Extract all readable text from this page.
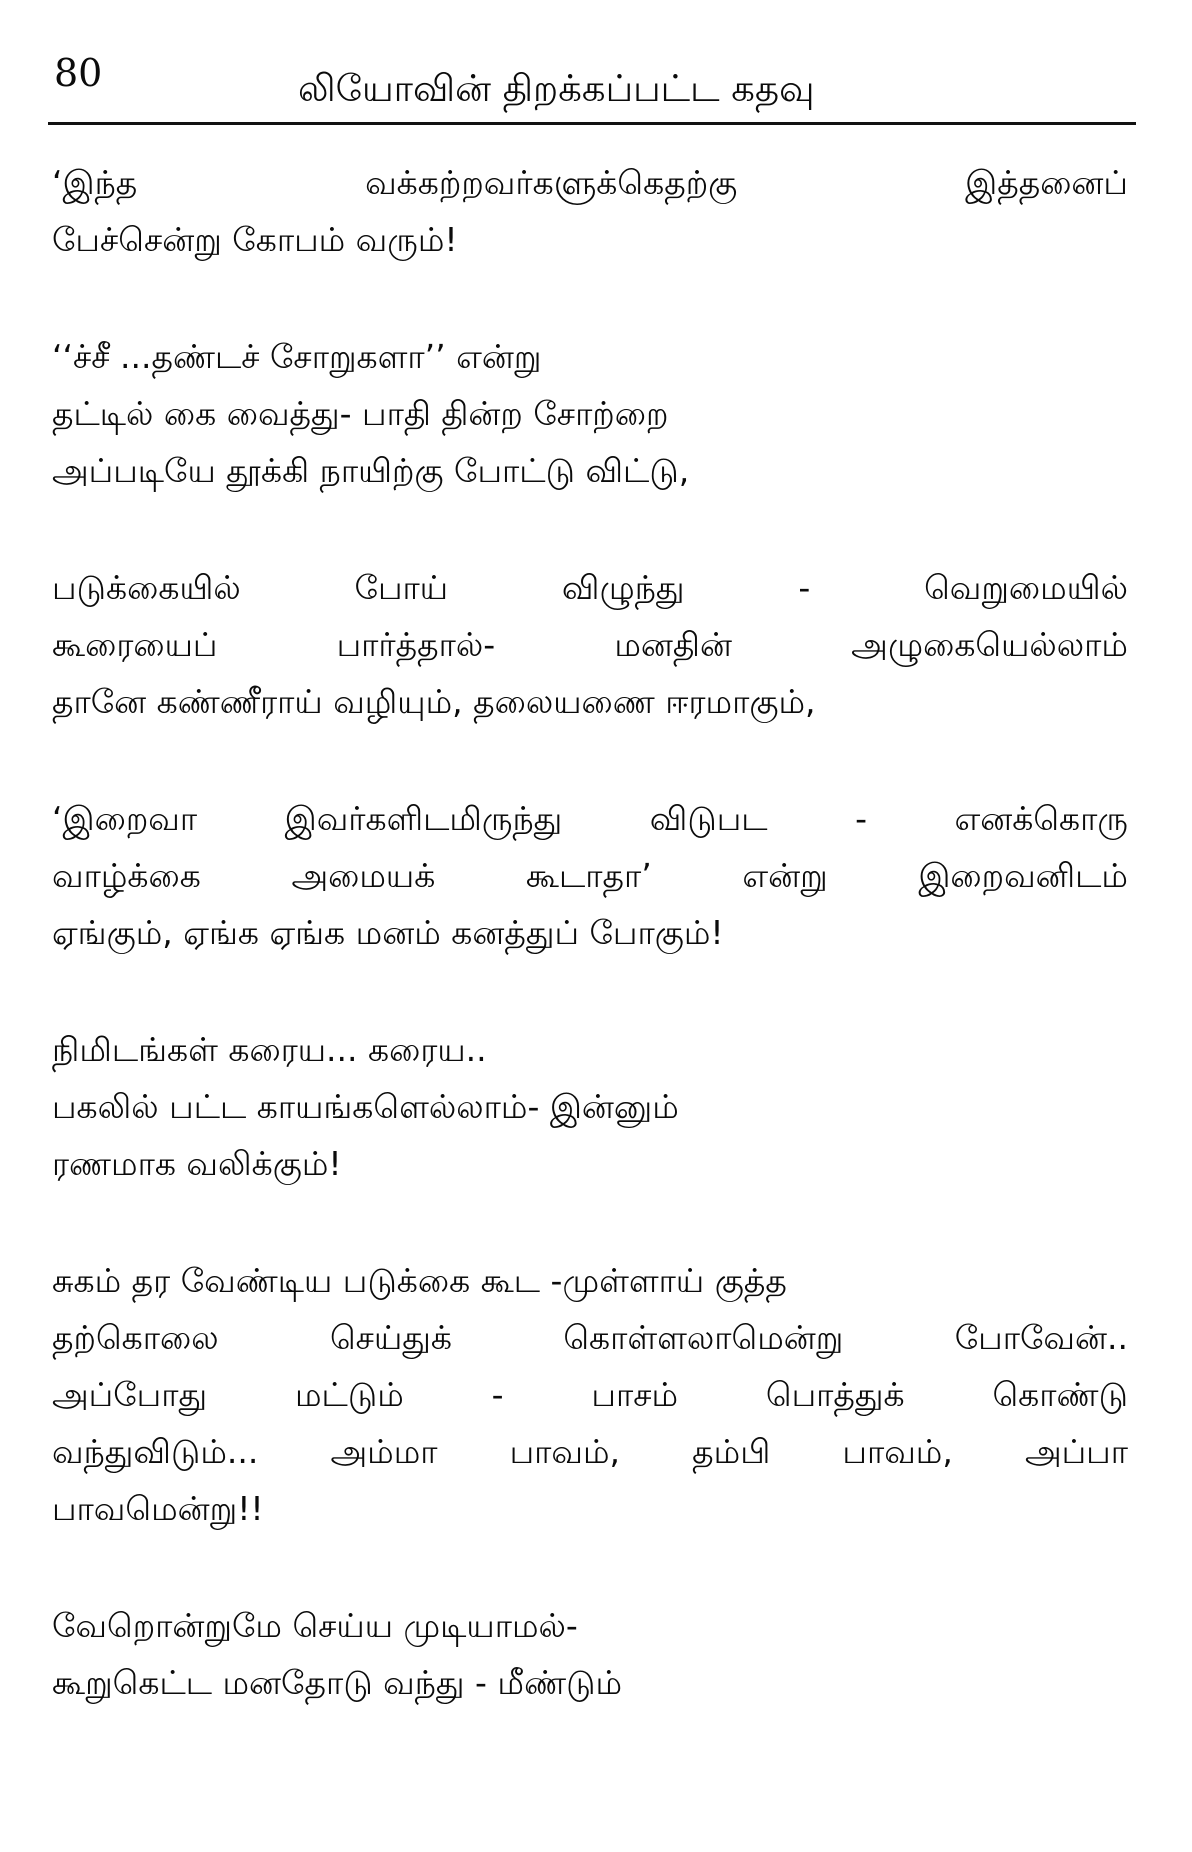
80	லியோவின் திறக்கப்பட்ட கதவு
‘இந்த	வக்கற்றவர்களுக்கெதற்கு	இத்தனைப்
பேச்சென்று கோபம் வரும்!
‘‘ச்சீ ...தண்டச் சோறுகளா’’ என்று
தட்டில் கை வைத்து- பாதி தின்ற சோற்றை
அப்படியே தூக்கி நாயிற்கு போட்டு விட்டு,
படுக்கையில்	போய்	விழுந்து	-	வெறுமையில்
கூரையைப்	பார்த்தால்-	மனதின்	அழுகையெல்லாம்
தானே கண்ணீராய் வழியும், தலையணை ஈரமாகும்,
‘இறைவா	இவர்களிடமிருந்து	விடுபட	-	எனக்கொரு
வாழ்க்கை	அமையக்	கூடாதா’	என்று	இறைவனிடம்
ஏங்கும், ஏங்க ஏங்க மனம் கனத்துப் போகும்!
நிமிடங்கள் கரைய... கரைய..
பகலில் பட்ட காயங்களெல்லாம்- இன்னும்
ரணமாக வலிக்கும்!
சுகம் தர வேண்டிய படுக்கை கூட -முள்ளாய் குத்த
தற்கொலை	செய்துக்	கொள்ளலாமென்று	போவேன்..
அப்போது	மட்டும்	-	பாசம்	பொத்துக்	கொண்டு
வந்துவிடும்... அம்மா பாவம், தம்பி பாவம், அப்பா
பாவமென்று!!
வேறொன்றுமே செய்ய முடியாமல்-
கூறுகெட்ட மனதோடு வந்து - மீண்டும்
